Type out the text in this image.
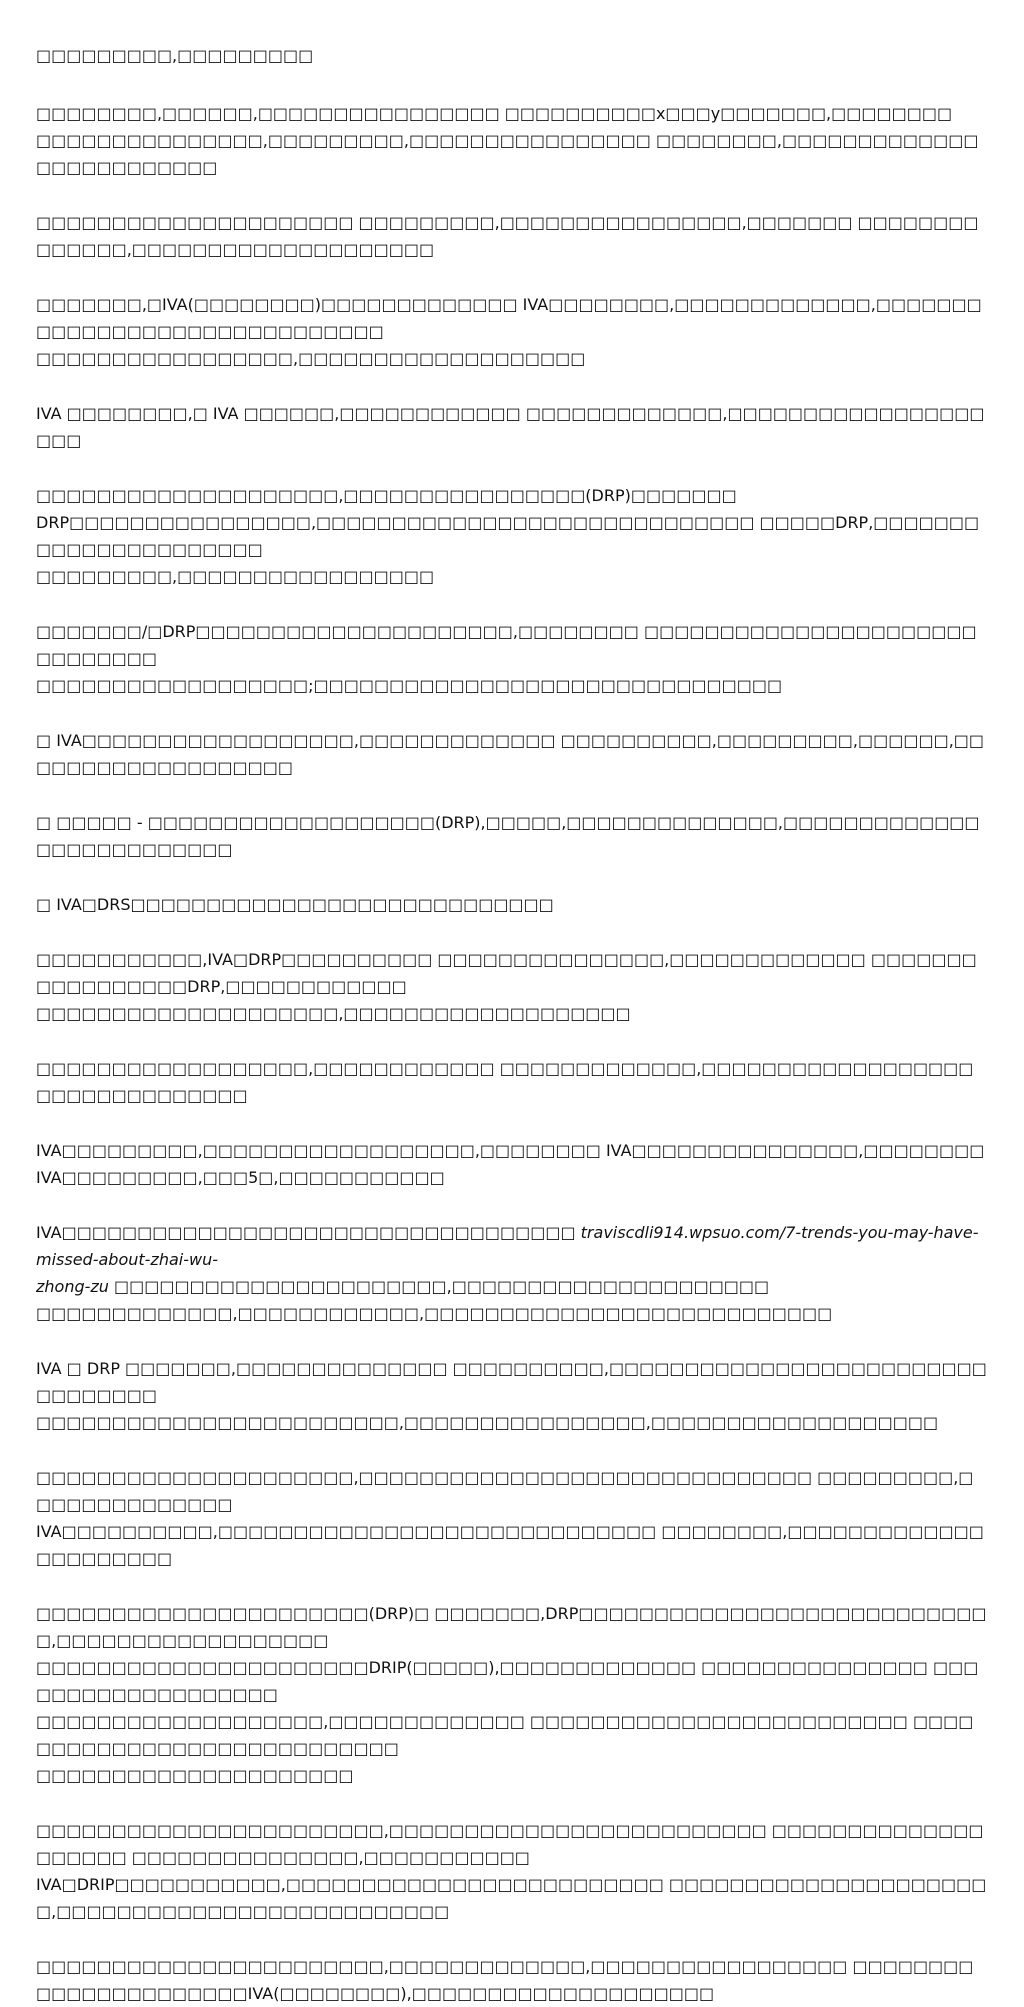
□□□□□□□□□,□□□□□□□□□

□□□□□□□□,□□□□□□,□□□□□□□□□□□□□□□□ □□□□□□□□□□x□□□y□□□□□□□,□□□□□□□□
□□□□□□□□□□□□□□□,□□□□□□□□□,□□□□□□□□□□□□□□□□ □□□□□□□□,□□□□□□□□□□□□□□□□□□□□□□□□□

□□□□□□□□□□□□□□□□□□□□□ □□□□□□□□□,□□□□□□□□□□□□□□□□,□□□□□□□ □□□□□□□□□□□□□□,□□□□□□□□□□□□□□□□□□□□

□□□□□□□,□IVA(□□□□□□□□)□□□□□□□□□□□□□ IVA□□□□□□□□,□□□□□□□□□□□□□,□□□□□□□□□□□□□□□□□□□□□□□□□□□□□□
□□□□□□□□□□□□□□□□□,□□□□□□□□□□□□□□□□□□□

IVA □□□□□□□□,□ IVA □□□□□□,□□□□□□□□□□□□ □□□□□□□□□□□□□,□□□□□□□□□□□□□□□□□□□□

□□□□□□□□□□□□□□□□□□□□,□□□□□□□□□□□□□□□□(DRP)□□□□□□□
DRP□□□□□□□□□□□□□□□□,□□□□□□□□□□□□□□□□□□□□□□□□□□□□□ □□□□□DRP,□□□□□□□□□□□□□□□□□□□□□□
□□□□□□□□□,□□□□□□□□□□□□□□□□□

□□□□□□□/□DRP□□□□□□□□□□□□□□□□□□□□□,□□□□□□□□ □□□□□□□□□□□□□□□□□□□□□□□□□□□□□□
□□□□□□□□□□□□□□□□□□;□□□□□□□□□□□□□□□□□□□□□□□□□□□□□□□

□ IVA□□□□□□□□□□□□□□□□□□,□□□□□□□□□□□□□ □□□□□□□□□□,□□□□□□□□□,□□□□□□,□□□□□□□□□□□□□□□□□□□

□ □□□□□ - □□□□□□□□□□□□□□□□□□□(DRP),□□□□□,□□□□□□□□□□□□□□,□□□□□□□□□□□□□□□□□□□□□□□□□□

□ IVA□DRS□□□□□□□□□□□□□□□□□□□□□□□□□□□□

□□□□□□□□□□□,IVA□DRP□□□□□□□□□□ □□□□□□□□□□□□□□□,□□□□□□□□□□□□□ □□□□□□□□□□□□□□□□□DRP,□□□□□□□□□□□□
□□□□□□□□□□□□□□□□□□□□,□□□□□□□□□□□□□□□□□□□

□□□□□□□□□□□□□□□□□□,□□□□□□□□□□□□ □□□□□□□□□□□□□,□□□□□□□□□□□□□□□□□□□□□□□□□□□□□□□□

IVA□□□□□□□□□,□□□□□□□□□□□□□□□□□□,□□□□□□□□ IVA□□□□□□□□□□□□□□□,□□□□□□□□ IVA□□□□□□□□□,□□□5□,□□□□□□□□□□□

IVA□□□□□□□□□□□□□□□□□□□□□□□□□□□□□□□□□□ traviscdli914.wpsuo.com/7-trends-you-may-have-missed-about-zhai-wu-
zhong-zu □□□□□□□□□□□□□□□□□□□□□□,□□□□□□□□□□□□□□□□□□□□□
□□□□□□□□□□□□□,□□□□□□□□□□□□,□□□□□□□□□□□□□□□□□□□□□□□□□□□

IVA □ DRP □□□□□□□,□□□□□□□□□□□□□□ □□□□□□□□□□,□□□□□□□□□□□□□□□□□□□□□□□□□□□□□□□□□
□□□□□□□□□□□□□□□□□□□□□□□□,□□□□□□□□□□□□□□□□,□□□□□□□□□□□□□□□□□□□

□□□□□□□□□□□□□□□□□□□□□,□□□□□□□□□□□□□□□□□□□□□□□□□□□□□□ □□□□□□□□□,□□□□□□□□□□□□□□
IVA□□□□□□□□□□,□□□□□□□□□□□□□□□□□□□□□□□□□□□□□ □□□□□□□□,□□□□□□□□□□□□□□□□□□□□□□

□□□□□□□□□□□□□□□□□□□□□□(DRP)□ □□□□□□□,DRP□□□□□□□□□□□□□□□□□□□□□□□□□□□□,□□□□□□□□□□□□□□□□□□
□□□□□□□□□□□□□□□□□□□□□□DRIP(□□□□□),□□□□□□□□□□□□□ □□□□□□□□□□□□□□□ □□□□□□□□□□□□□□□□□□□
□□□□□□□□□□□□□□□□□□□,□□□□□□□□□□□□□ □□□□□□□□□□□□□□□□□□□□□□□□□ □□□□□□□□□□□□□□□□□□□□□□□□□□□□
□□□□□□□□□□□□□□□□□□□□□

□□□□□□□□□□□□□□□□□□□□□□□,□□□□□□□□□□□□□□□□□□□□□□□□□ □□□□□□□□□□□□□□□□□□□□ □□□□□□□□□□□□□□□,□□□□□□□□□□□
IVA□DRIP□□□□□□□□□□□,□□□□□□□□□□□□□□□□□□□□□□□□□ □□□□□□□□□□□□□□□□□□□□□□,□□□□□□□□□□□□□□□□□□□□□□□□□□

□□□□□□□□□□□□□□□□□□□□□□□,□□□□□□□□□□□□□,□□□□□□□□□□□□□□□□□ □□□□□□□□□□□□□□□□□□□□□□IVA(□□□□□□□□),□□□□□□□□□□□□□□□□□□□□
